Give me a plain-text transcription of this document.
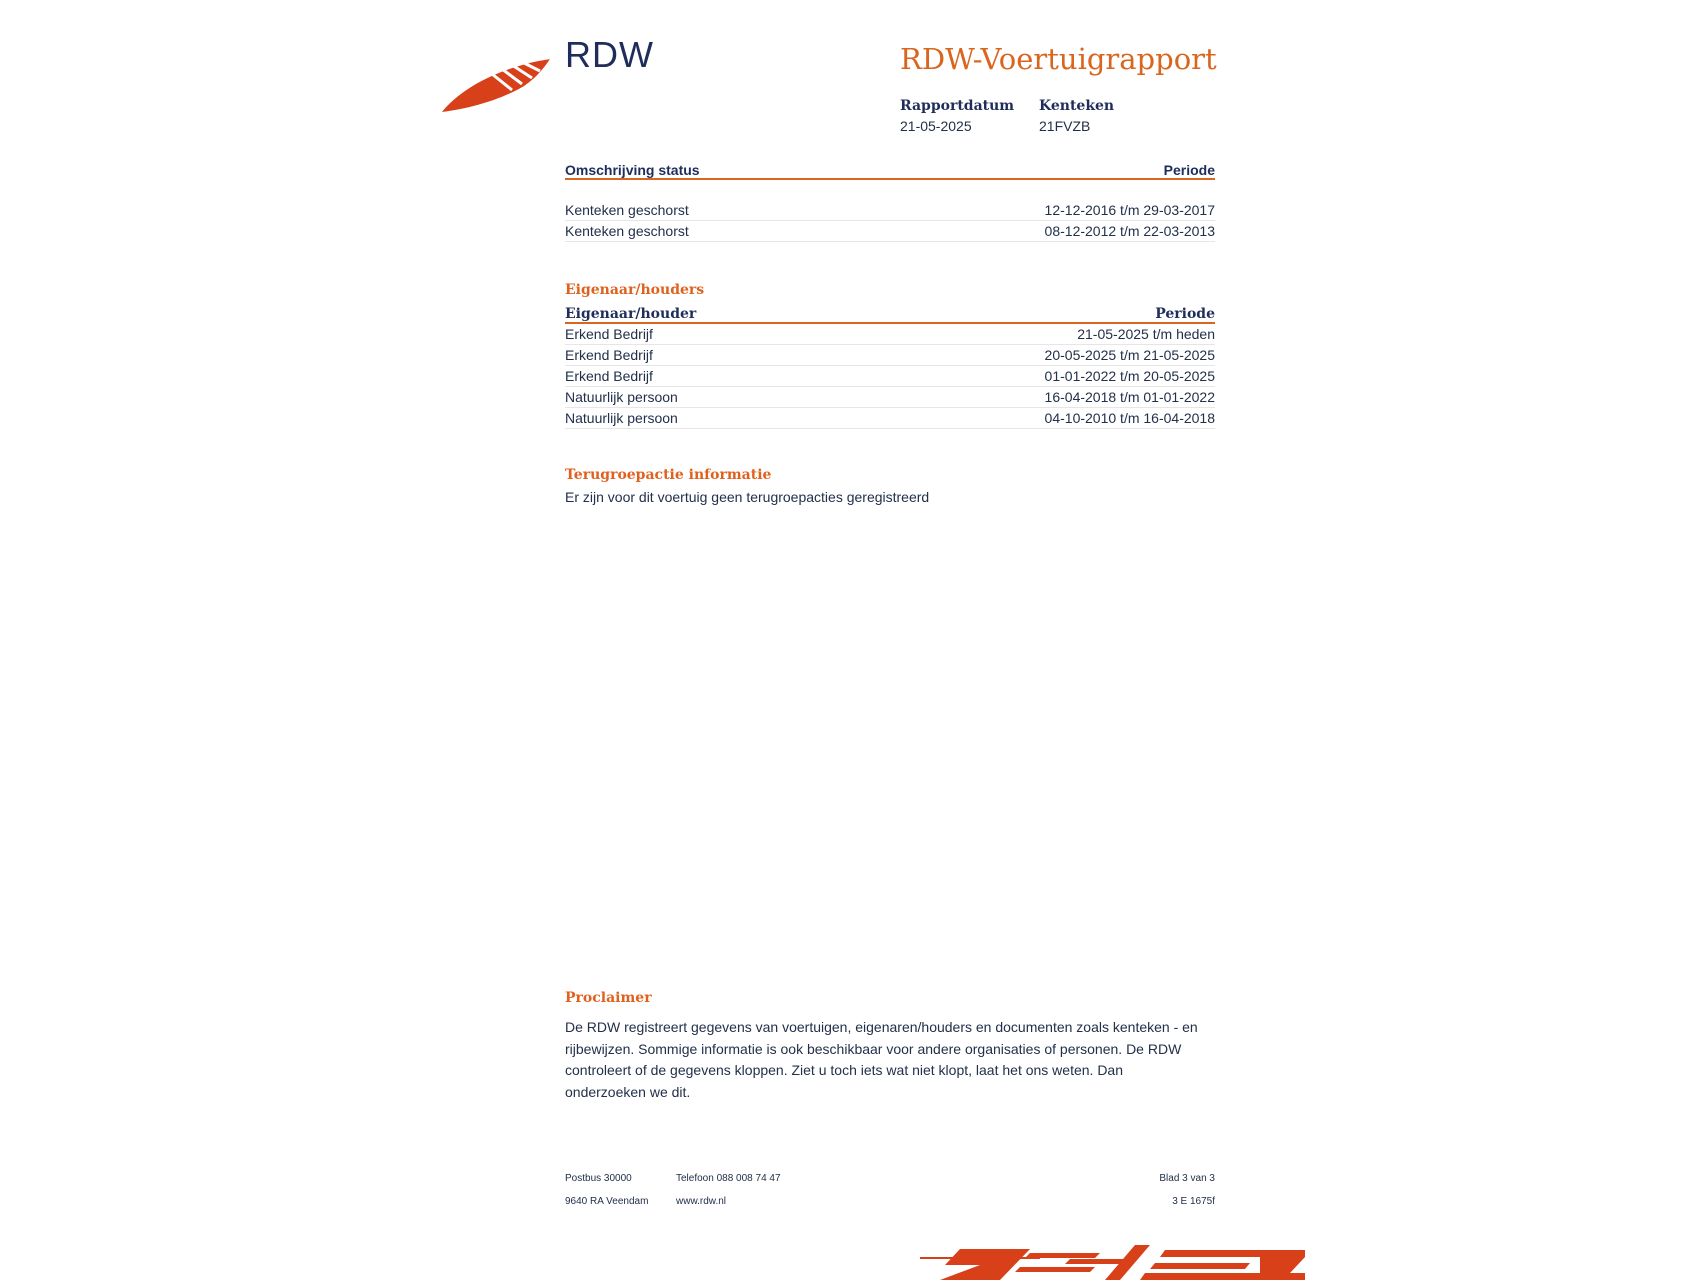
RDW	RDW-Voertuigrapport
Rapportdatum
21-05-2025
Kenteken
21FVZB
Omschrijving status	Periode
Kenteken geschorst	12-12-2016 t/m 29-03-2017
Kenteken geschorst	08-12-2012 t/m 22-03-2013
Eigenaar/houders
Eigenaar/houder	Periode
Erkend Bedrijf	21-05-2025 t/m heden
Erkend Bedrijf	20-05-2025 t/m 21-05-2025
Erkend Bedrijf	01-01-2022 t/m 20-05-2025
Natuurlijk persoon	16-04-2018 t/m 01-01-2022
Natuurlijk persoon	04-10-2010 t/m 16-04-2018
Terugroepactie informatie
Er zijn voor dit voertuig geen terugroepacties geregistreerd
Proclaimer
De RDW registreert gegevens van voertuigen, eigenaren/houders en documenten zoals kenteken - en rijbewijzen. Sommige informatie is ook beschikbaar voor andere organisaties of personen. De RDW controleert of de gegevens kloppen. Ziet u toch iets wat niet klopt, laat het ons weten. Dan onderzoeken we dit.
Postbus 30000
9640 RA Veendam
Telefoon 088 008 74 47
www.rdw.nl
Blad 3 van 3
3 E 1675f
